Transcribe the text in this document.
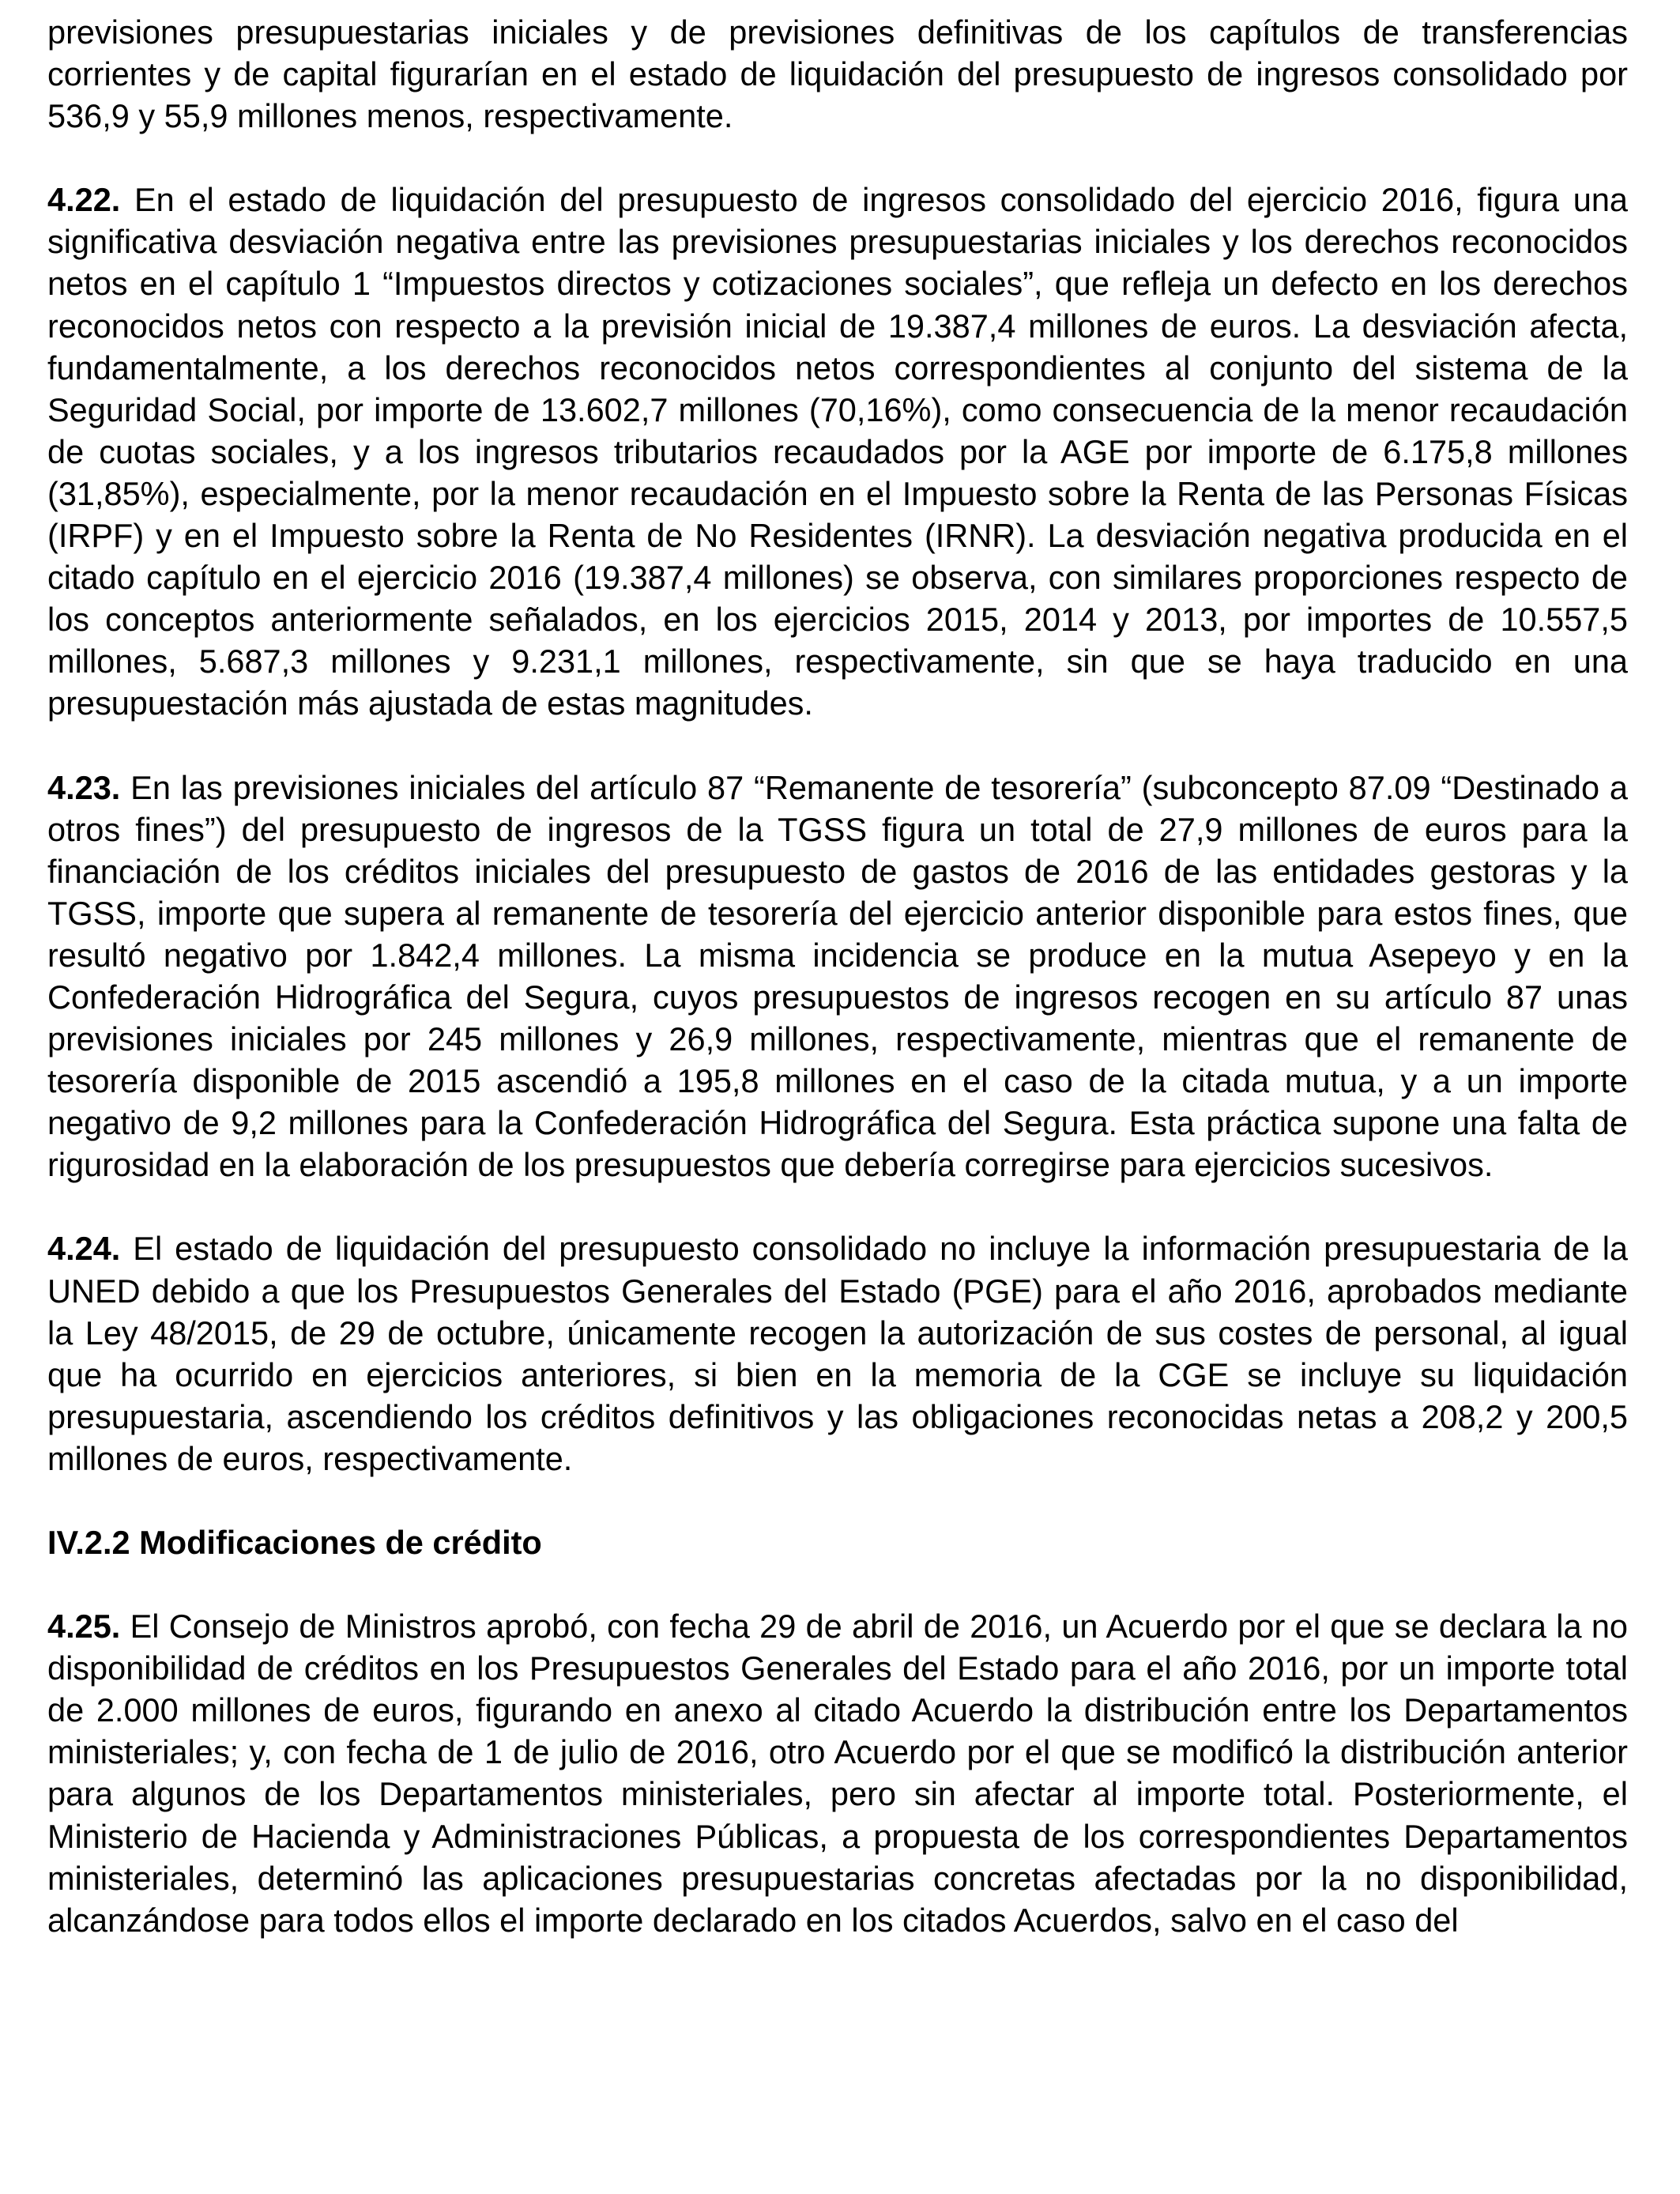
previsiones presupuestarias iniciales y de previsiones definitivas de los capítulos de transferencias corrientes y de capital figurarían en el estado de liquidación del presupuesto de ingresos consolidado por 536,9 y 55,9 millones menos, respectivamente.

4.22. En el estado de liquidación del presupuesto de ingresos consolidado del ejercicio 2016, figura una significativa desviación negativa entre las previsiones presupuestarias iniciales y los derechos reconocidos netos en el capítulo 1 “Impuestos directos y cotizaciones sociales”, que refleja un defecto en los derechos reconocidos netos con respecto a la previsión inicial de 19.387,4 millones de euros. La desviación afecta, fundamentalmente, a los derechos reconocidos netos correspondientes al conjunto del sistema de la Seguridad Social, por importe de 13.602,7 millones (70,16%), como consecuencia de la menor recaudación de cuotas sociales, y a los ingresos tributarios recaudados por la AGE por importe de 6.175,8 millones (31,85%), especialmente, por la menor recaudación en el Impuesto sobre la Renta de las Personas Físicas (IRPF) y en el Impuesto sobre la Renta de No Residentes (IRNR). La desviación negativa producida en el citado capítulo en el ejercicio 2016 (19.387,4 millones) se observa, con similares proporciones respecto de los conceptos anteriormente señalados, en los ejercicios 2015, 2014 y 2013, por importes de 10.557,5 millones, 5.687,3 millones y 9.231,1 millones, respectivamente, sin que se haya traducido en una presupuestación más ajustada de estas magnitudes.

4.23. En las previsiones iniciales del artículo 87 “Remanente de tesorería” (subconcepto 87.09 “Destinado a otros fines”) del presupuesto de ingresos de la TGSS figura un total de 27,9 millones de euros para la financiación de los créditos iniciales del presupuesto de gastos de 2016 de las entidades gestoras y la TGSS, importe que supera al remanente de tesorería del ejercicio anterior disponible para estos fines, que resultó negativo por 1.842,4 millones. La misma incidencia se produce en la mutua Asepeyo y en la Confederación Hidrográfica del Segura, cuyos presupuestos de ingresos recogen en su artículo 87 unas previsiones iniciales por 245 millones y 26,9 millones, respectivamente, mientras que el remanente de tesorería disponible de 2015 ascendió a 195,8 millones en el caso de la citada mutua, y a un importe negativo de 9,2 millones para la Confederación Hidrográfica del Segura. Esta práctica supone una falta de rigurosidad en la elaboración de los presupuestos que debería corregirse para ejercicios sucesivos.

4.24. El estado de liquidación del presupuesto consolidado no incluye la información presupuestaria de la UNED debido a que los Presupuestos Generales del Estado (PGE) para el año 2016, aprobados mediante la Ley 48/2015, de 29 de octubre, únicamente recogen la autorización de sus costes de personal, al igual que ha ocurrido en ejercicios anteriores, si bien en la memoria de la CGE se incluye su liquidación presupuestaria, ascendiendo los créditos definitivos y las obligaciones reconocidas netas a 208,2 y 200,5 millones de euros, respectivamente.

IV.2.2 Modificaciones de crédito

4.25. El Consejo de Ministros aprobó, con fecha 29 de abril de 2016, un Acuerdo por el que se declara la no disponibilidad de créditos en los Presupuestos Generales del Estado para el año 2016, por un importe total de 2.000 millones de euros, figurando en anexo al citado Acuerdo la distribución entre los Departamentos ministeriales; y, con fecha de 1 de julio de 2016, otro Acuerdo por el que se modificó la distribución anterior para algunos de los Departamentos ministeriales, pero sin afectar al importe total. Posteriormente, el Ministerio de Hacienda y Administraciones Públicas, a propuesta de los correspondientes Departamentos ministeriales, determinó las aplicaciones presupuestarias concretas afectadas por la no disponibilidad, alcanzándose para todos ellos el importe declarado en los citados Acuerdos, salvo en el caso del
